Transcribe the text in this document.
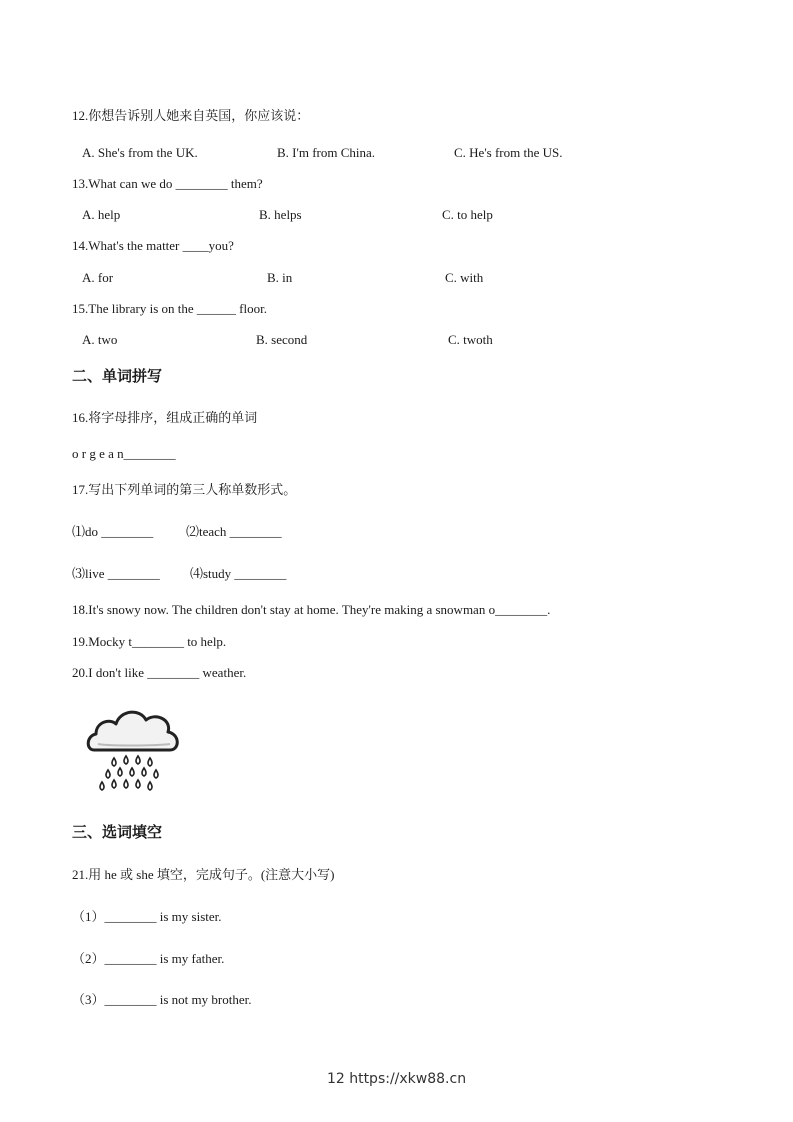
12.你想告诉别人她来自英国，你应该说：
A. She's from the UK.	B. I'm from China.	C. He's from the US.
13.What can we do ________ them?
A. help	B. helps	C. to help
14.What's the matter ____you?
A. for	B. in	C. with
15.The library is on the ______ floor.
A. two	B. second	C. twoth
二、单词拼写
16.将字母排序，组成正确的单词
o r g e a n________
17.写出下列单词的第三人称单数形式。
⑴do ________	⑵teach ________
⑶live ________ ⑷study ________
18.It's snowy now. The children don't stay at home. They're making a snowman o________.
19.Mocky t________ to help.
20.I don't like ________ weather.
三、选词填空
21.用 he 或 she 填空，完成句子。(注意大小写)
（1）________ is my sister.
（2）________ is my father.
（3）________ is not my brother.
12 https://xkw88.cn
